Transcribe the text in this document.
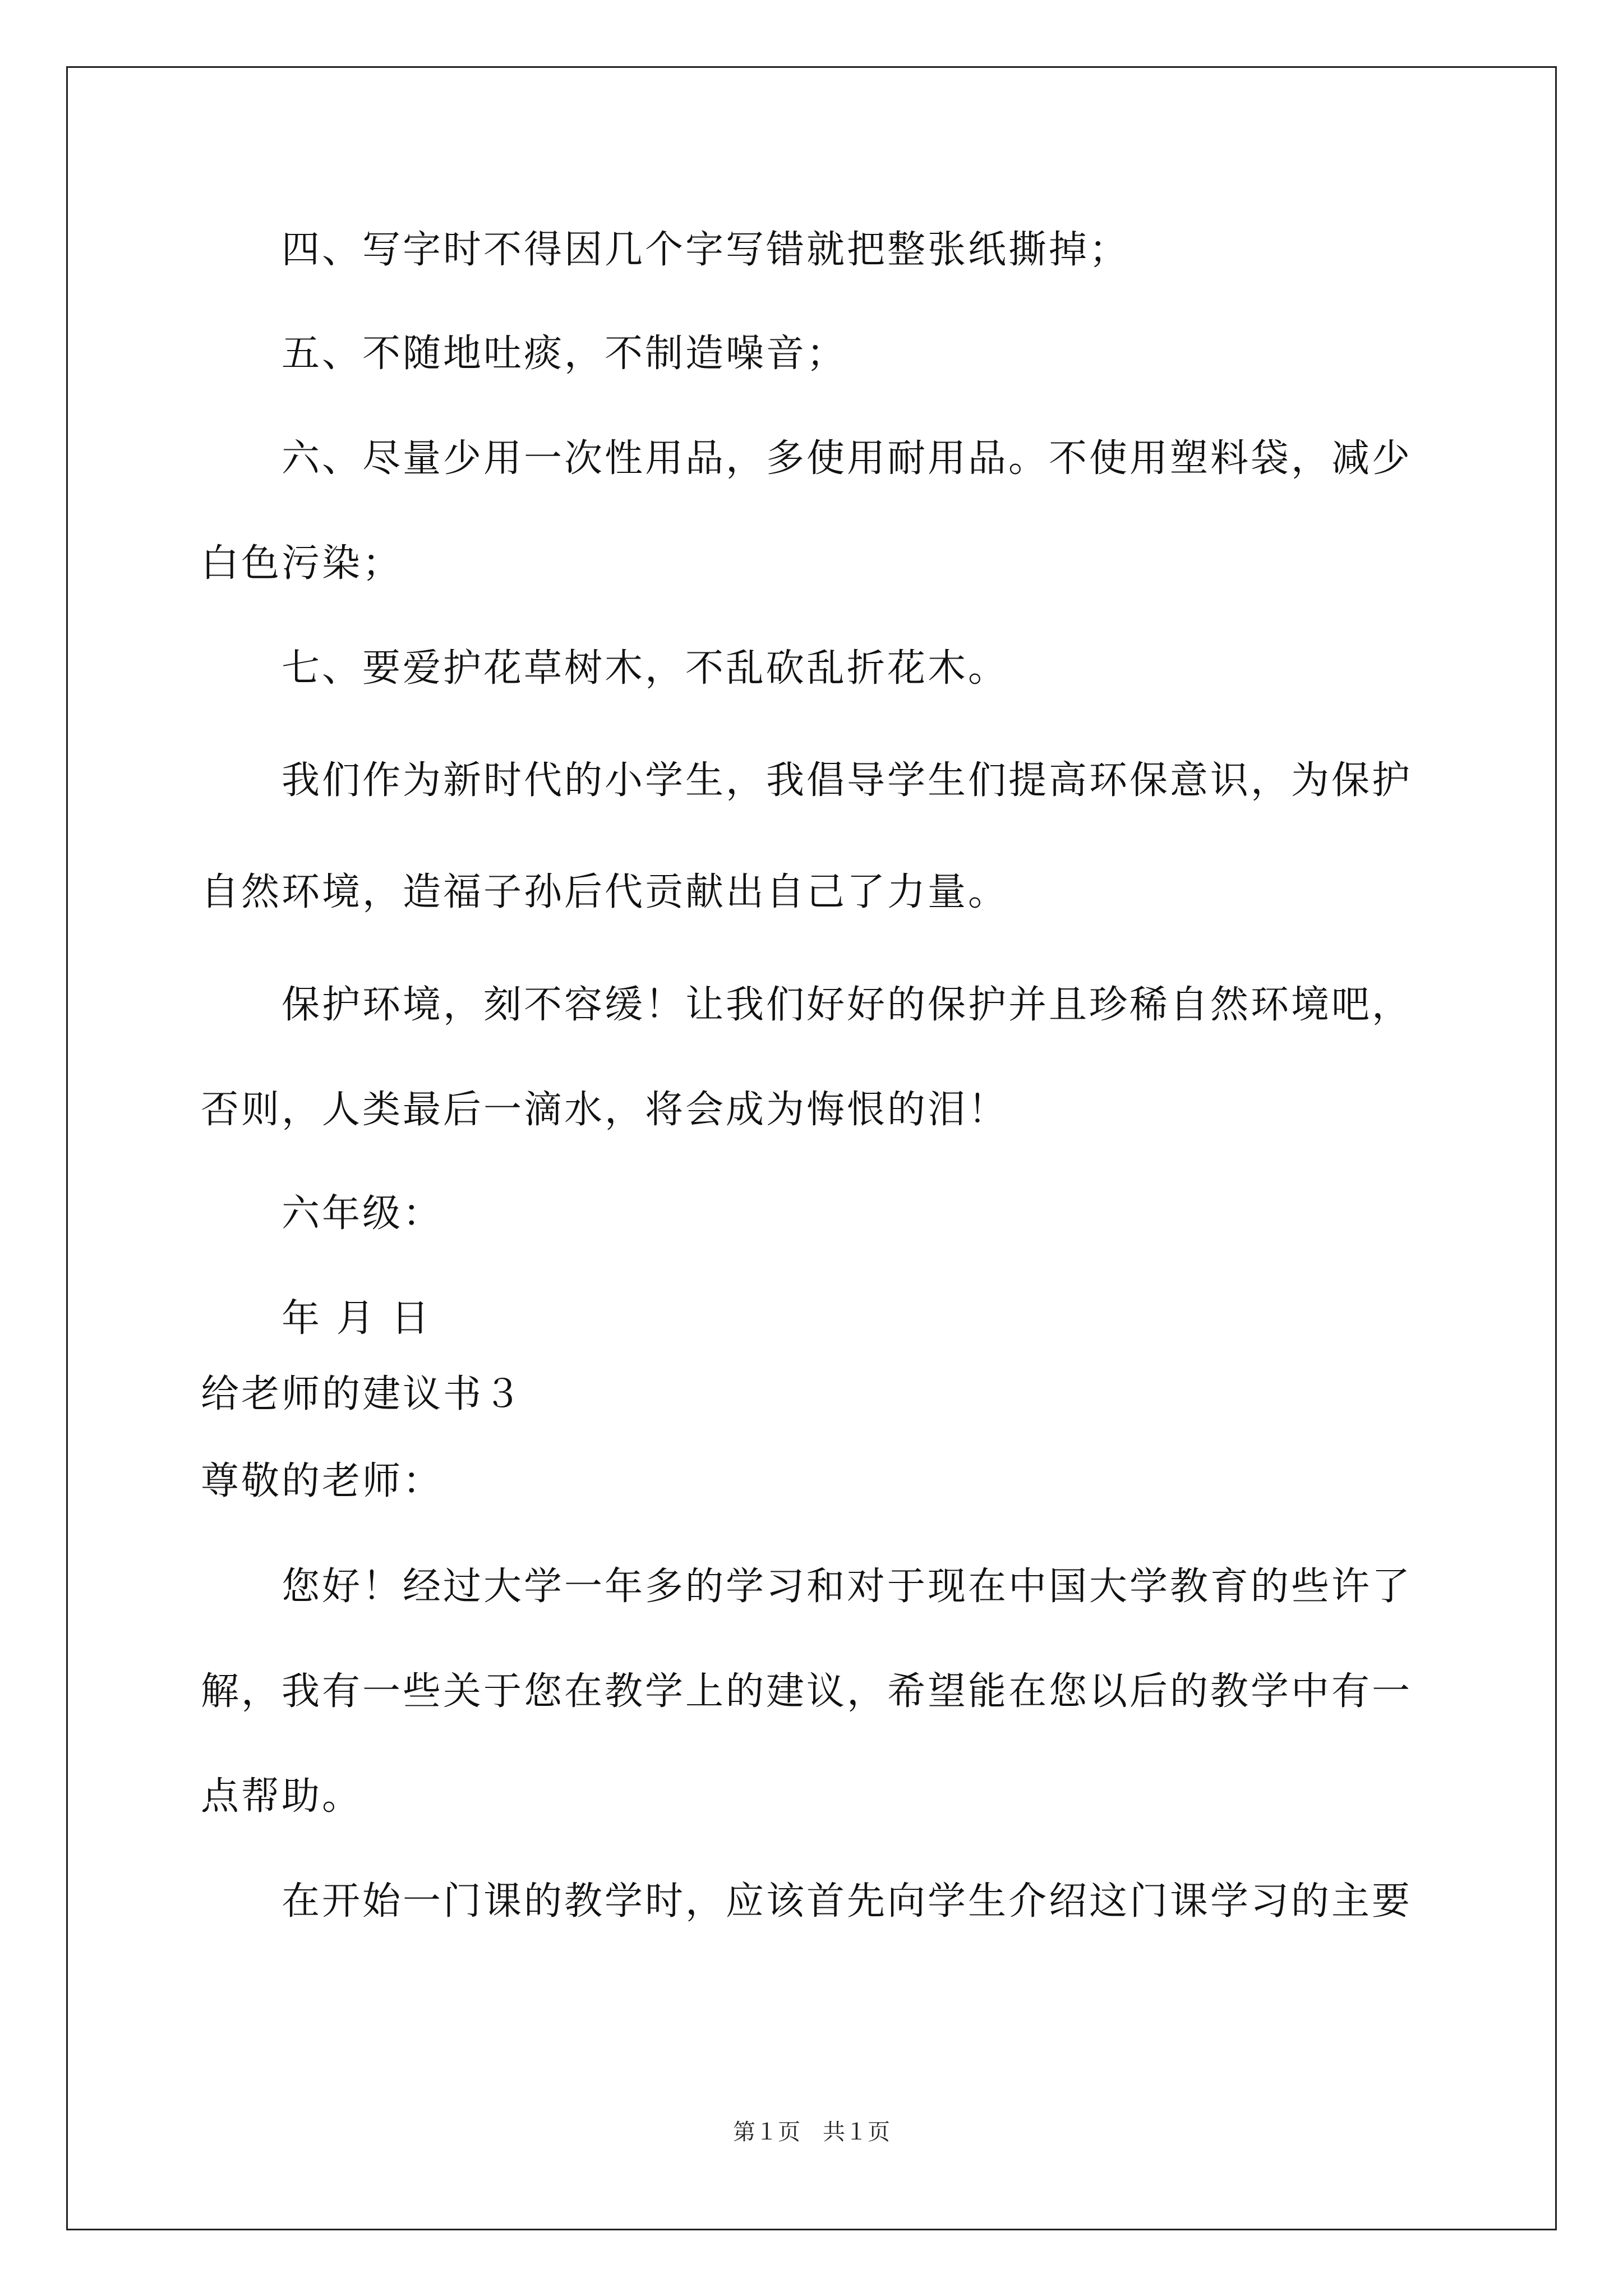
四、写字时不得因几个字写错就把整张纸撕掉；
五、不随地吐痰，不制造噪音；
六、尽量少用一次性用品，多使用耐用品。不使用塑料袋，减少
白色污染；
七、要爱护花草树木，不乱砍乱折花木。
我们作为新时代的小学生，我倡导学生们提高环保意识，为保护
自然环境，造福子孙后代贡献出自己了力量。
保护环境，刻不容缓！让我们好好的保护并且珍稀自然环境吧，
否则，人类最后一滴水，将会成为悔恨的泪！
六年级：
年 月 日
给老师的建议书３
尊敬的老师：
您好！经过大学一年多的学习和对于现在中国大学教育的些许了
解，我有一些关于您在教学上的建议，希望能在您以后的教学中有一
点帮助。
在开始一门课的教学时，应该首先向学生介绍这门课学习的主要
第１页　共１页
